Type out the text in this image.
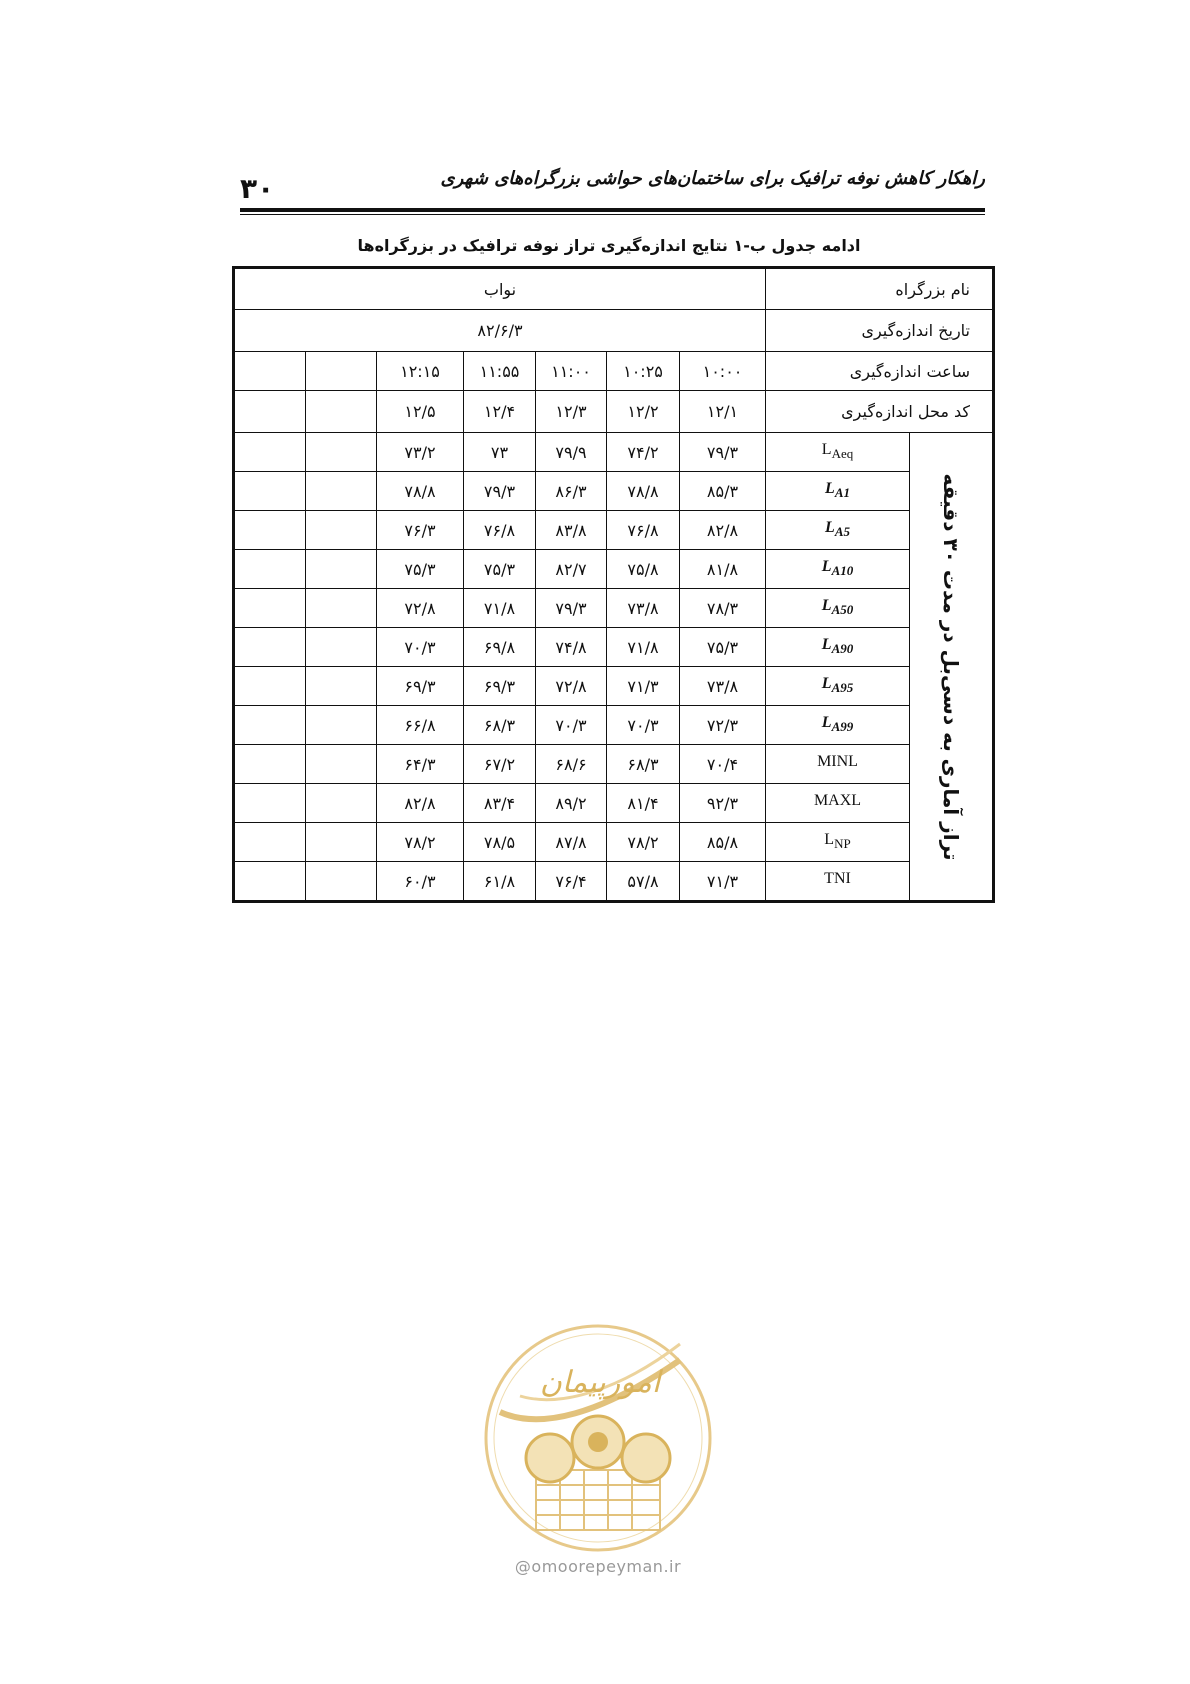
۳۰	راهکار کاهش نوفه ترافیک برای ساختمان‌های حواشی بزرگراه‌های شهری
ادامه جدول ب-۱ نتایج اندازه‌گیری تراز نوفه ترافیک در بزرگراه‌ها
نام بزرگراه		نواب						
تاریخ اندازه‌گیری		۸۲/۶/۳						
ساعت اندازه‌گیری		۱۰:۰۰	۱۰:۲۵	۱۱:۰۰	۱۱:۵۵	۱۲:۱۵		
کد محل اندازه‌گیری		۱۲/۱	۱۲/۲	۱۲/۳	۱۲/۴	۱۲/۵		

تراز آماری به دسی‌بل در مدت ۳۰ دقیقه	$L_{Aeq}$	۷۹/۳	۷۴/۲	۷۹/۹	۷۳	۷۳/۲		
	$L_{A1}$	۸۵/۳	۷۸/۸	۸۶/۳	۷۹/۳	۷۸/۸		
	$L_{A5}$	۸۲/۸	۷۶/۸	۸۳/۸	۷۶/۸	۷۶/۳		
	$L_{A10}$	۸۱/۸	۷۵/۸	۸۲/۷	۷۵/۳	۷۵/۳		
	$L_{A50}$	۷۸/۳	۷۳/۸	۷۹/۳	۷۱/۸	۷۲/۸		
	$L_{A90}$	۷۵/۳	۷۱/۸	۷۴/۸	۶۹/۸	۷۰/۳		
	$L_{A95}$	۷۳/۸	۷۱/۳	۷۲/۸	۶۹/۳	۶۹/۳		
	$L_{A99}$	۷۲/۳	۷۰/۳	۷۰/۳	۶۸/۳	۶۶/۸		
	MINL	۷۰/۴	۶۸/۳	۶۸/۶	۶۷/۲	۶۴/۳		
	MAXL	۹۲/۳	۸۱/۴	۸۹/۲	۸۳/۴	۸۲/۸		
	$L_{NP}$	۸۵/۸	۷۸/۲	۸۷/۸	۷۸/۵	۷۸/۲		
	TNI	۷۱/۳	۵۷/۸	۷۶/۴	۶۱/۸	۶۰/۳		
امورپیمان
@omoorepeyman.ir
